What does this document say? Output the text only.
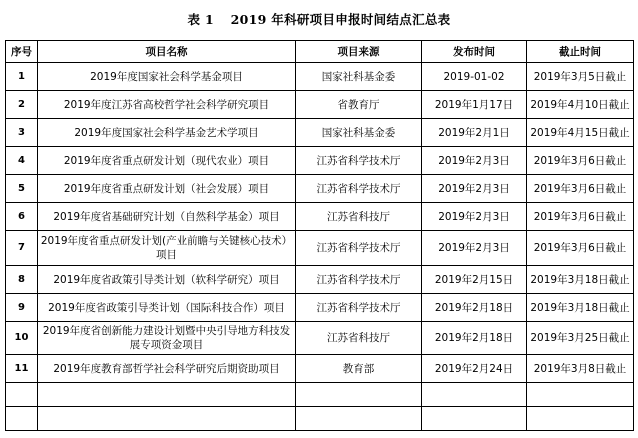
表 1 2019 年科研项目申报时间结点汇总表
序号	项目名称	项目来源	发布时间	截止时间
1	2019年度国家社会科学基金项目	国家社科基金委	2019-01-02	2019年3月5日截止
2	2019年度江苏省高校哲学社会科学研究项目	省教育厅	2019年1月17日	2019年4月10日截止
3	2019年度国家社会科学基金艺术学项目	国家社科基金委	2019年2月1日	2019年4月15日截止
4	2019年度省重点研发计划（现代农业）项目	江苏省科学技术厅	2019年2月3日	2019年3月6日截止
5	2019年度省重点研发计划（社会发展）项目	江苏省科学技术厅	2019年2月3日	2019年3月6日截止
6	2019年度省基础研究计划（自然科学基金）项目	江苏省科技厅	2019年2月3日	2019年3月6日截止
7	2019年度省重点研发计划(产业前瞻与关键核心技术）项目	江苏省科学技术厅	2019年2月3日	2019年3月6日截止
8	2019年度省政策引导类计划（软科学研究）项目	江苏省科学技术厅	2019年2月15日	2019年3月18日截止
9	2019年度省政策引导类计划（国际科技合作）项目	江苏省科学技术厅	2019年2月18日	2019年3月18日截止
10	2019年度省创新能力建设计划暨中央引导地方科技发展专项资金项目	江苏省科技厅	2019年2月18日	2019年3月25日截止
11	2019年度教育部哲学社会科学研究后期资助项目	教育部	2019年2月24日	2019年3月8日截止
